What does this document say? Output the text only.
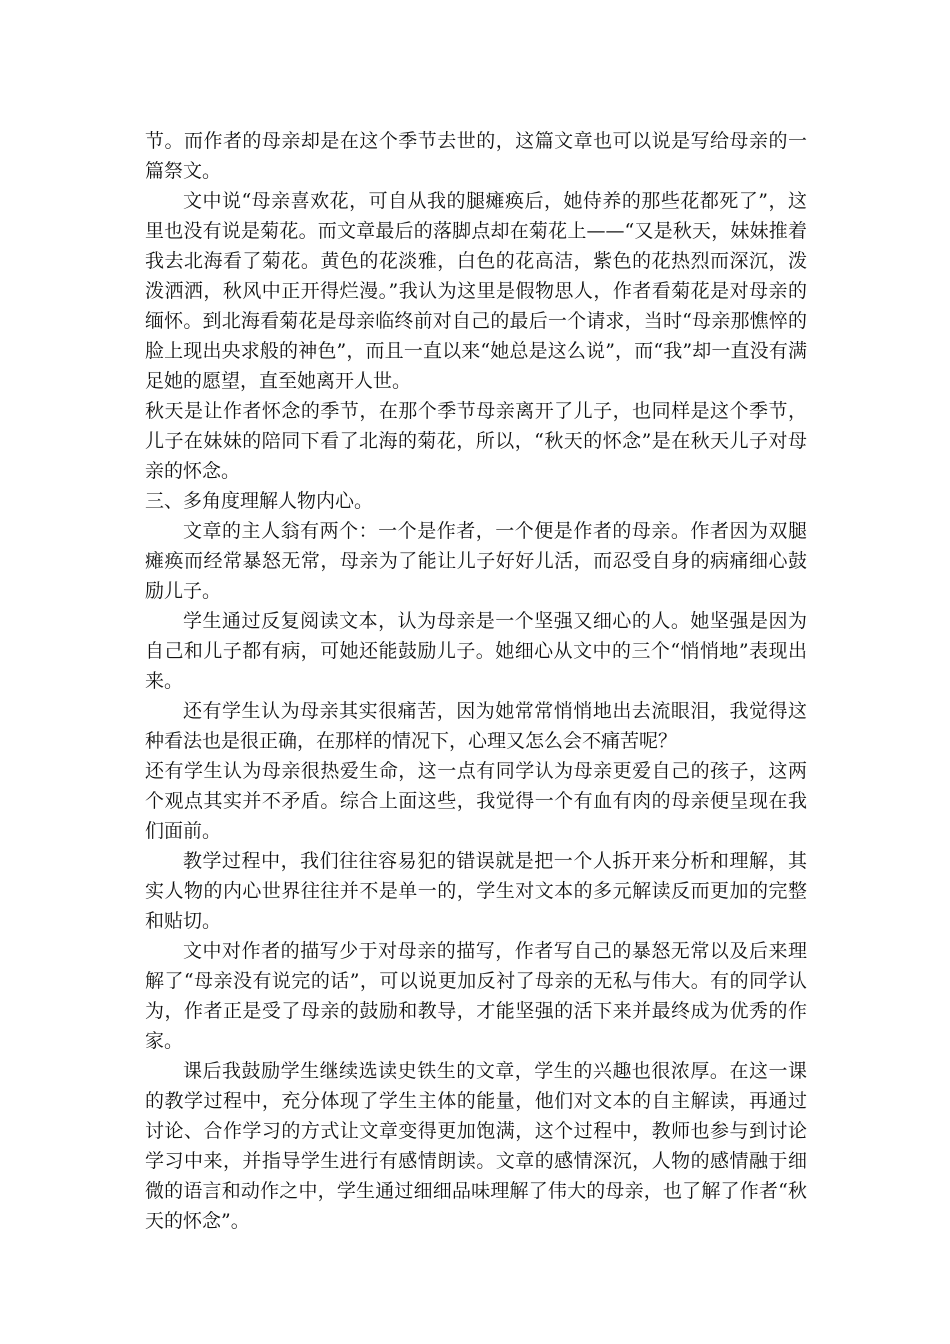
节。而作者的母亲却是在这个季节去世的，这篇文章也可以说是写给母亲的一篇祭文。

文中说“母亲喜欢花，可自从我的腿瘫痪后，她侍养的那些花都死了”，这里也没有说是菊花。而文章最后的落脚点却在菊花上——“又是秋天，妹妹推着我去北海看了菊花。黄色的花淡雅，白色的花高洁，紫色的花热烈而深沉，泼泼洒洒，秋风中正开得烂漫。”我认为这里是假物思人，作者看菊花是对母亲的缅怀。到北海看菊花是母亲临终前对自己的最后一个请求，当时“母亲那憔悴的脸上现出央求般的神色”，而且一直以来“她总是这么说”，而“我”却一直没有满足她的愿望，直至她离开人世。

秋天是让作者怀念的季节，在那个季节母亲离开了儿子，也同样是这个季节，儿子在妹妹的陪同下看了北海的菊花，所以，“秋天的怀念”是在秋天儿子对母亲的怀念。

三、多角度理解人物内心。

文章的主人翁有两个：一个是作者，一个便是作者的母亲。作者因为双腿瘫痪而经常暴怒无常，母亲为了能让儿子好好儿活，而忍受自身的病痛细心鼓励儿子。

学生通过反复阅读文本，认为母亲是一个坚强又细心的人。她坚强是因为自己和儿子都有病，可她还能鼓励儿子。她细心从文中的三个“悄悄地”表现出来。

还有学生认为母亲其实很痛苦，因为她常常悄悄地出去流眼泪，我觉得这种看法也是很正确，在那样的情况下，心理又怎么会不痛苦呢？

还有学生认为母亲很热爱生命，这一点有同学认为母亲更爱自己的孩子，这两个观点其实并不矛盾。综合上面这些，我觉得一个有血有肉的母亲便呈现在我们面前。

教学过程中，我们往往容易犯的错误就是把一个人拆开来分析和理解，其实人物的内心世界往往并不是单一的，学生对文本的多元解读反而更加的完整和贴切。

文中对作者的描写少于对母亲的描写，作者写自己的暴怒无常以及后来理解了“母亲没有说完的话”，可以说更加反衬了母亲的无私与伟大。有的同学认为，作者正是受了母亲的鼓励和教导，才能坚强的活下来并最终成为优秀的作家。

课后我鼓励学生继续选读史铁生的文章，学生的兴趣也很浓厚。在这一课的教学过程中，充分体现了学生主体的能量，他们对文本的自主解读，再通过讨论、合作学习的方式让文章变得更加饱满，这个过程中，教师也参与到讨论学习中来，并指导学生进行有感情朗读。文章的感情深沉，人物的感情融于细微的语言和动作之中，学生通过细细品味理解了伟大的母亲，也了解了作者“秋天的怀念”。
